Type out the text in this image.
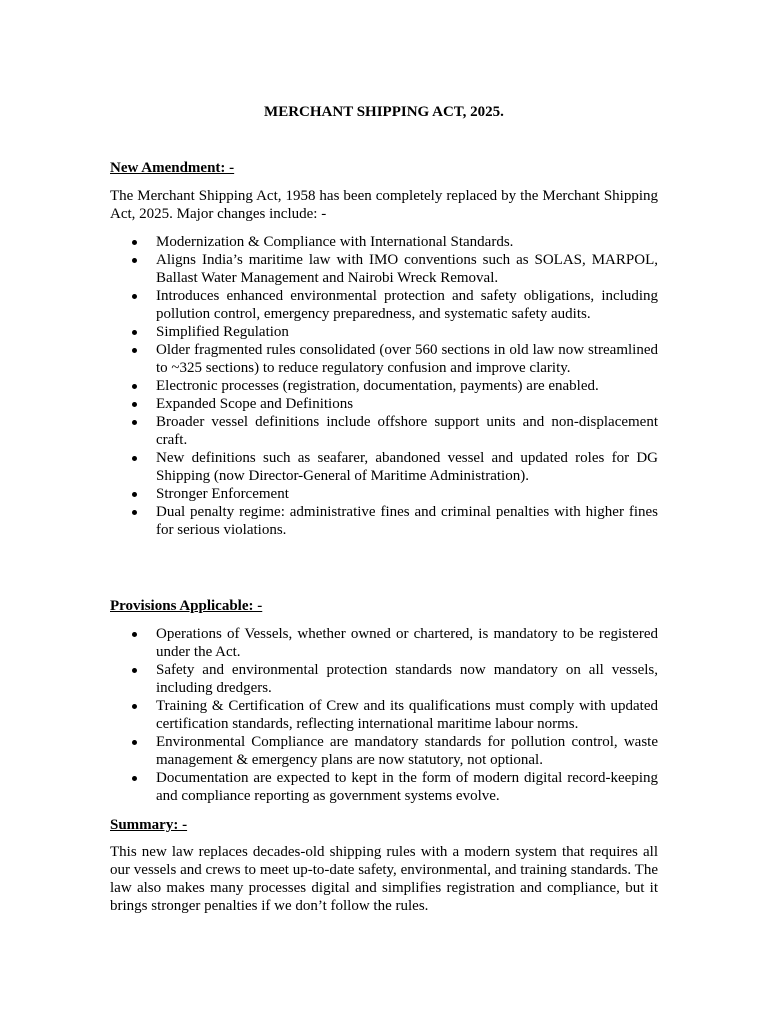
MERCHANT SHIPPING ACT, 2025.
New Amendment: -

The Merchant Shipping Act, 1958 has been completely replaced by the Merchant Shipping Act, 2025. Major changes include: -

Modernization & Compliance with International Standards.
Aligns India’s maritime law with IMO conventions such as SOLAS, MARPOL, Ballast Water Management and Nairobi Wreck Removal.
Introduces enhanced environmental protection and safety obligations, including pollution control, emergency preparedness, and systematic safety audits.
Simplified Regulation
Older fragmented rules consolidated (over 560 sections in old law now streamlined to ~325 sections) to reduce regulatory confusion and improve clarity.
Electronic processes (registration, documentation, payments) are enabled.
Expanded Scope and Definitions
Broader vessel definitions include offshore support units and non-displacement craft.
New definitions such as seafarer, abandoned vessel and updated roles for DG Shipping (now Director-General of Maritime Administration).
Stronger Enforcement
Dual penalty regime: administrative fines and criminal penalties with higher fines for serious violations.
Provisions Applicable: -
Operations of Vessels, whether owned or chartered, is mandatory to be registered under the Act.
Safety and environmental protection standards now mandatory on all vessels, including dredgers.
Training & Certification of Crew and its qualifications must comply with updated certification standards, reflecting international maritime labour norms.
Environmental Compliance are mandatory standards for pollution control, waste management & emergency plans are now statutory, not optional.
Documentation are expected to kept in the form of modern digital record-keeping and compliance reporting as government systems evolve.
Summary: -

This new law replaces decades-old shipping rules with a modern system that requires all our vessels and crews to meet up-to-date safety, environmental, and training standards. The law also makes many processes digital and simplifies registration and compliance, but it brings stronger penalties if we don’t follow the rules.
